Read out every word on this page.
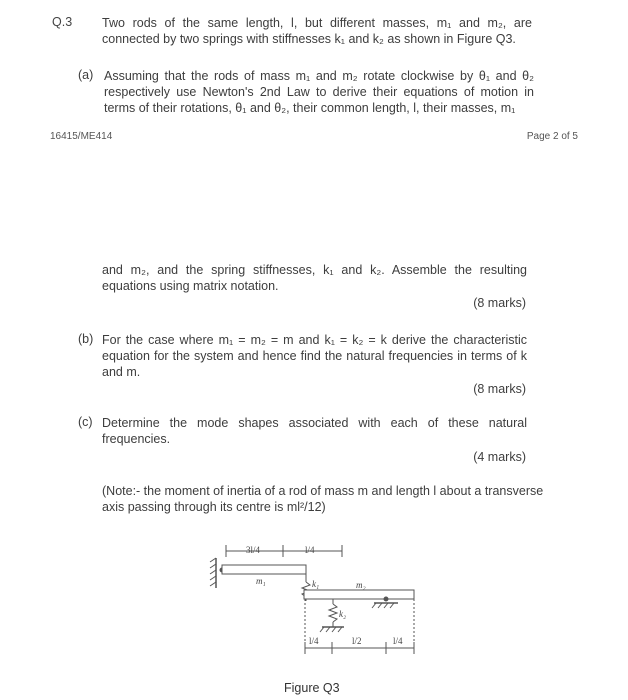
Q.3 Two rods of the same length, l, but different masses, m₁ and m₂, are connected by two springs with stiffnesses k₁ and k₂ as shown in Figure Q3.
(a) Assuming that the rods of mass m₁ and m₂ rotate clockwise by θ₁ and θ₂ respectively use Newton's 2nd Law to derive their equations of motion in terms of their rotations, θ₁ and θ₂, their common length, l, their masses, m₁
16415/ME414	Page 2 of 5
and m₂, and the spring stiffnesses, k₁ and k₂. Assemble the resulting equations using matrix notation.
(8 marks)
(b) For the case where m₁ = m₂ = m and k₁ = k₂ = k derive the characteristic equation for the system and hence find the natural frequencies in terms of k and m.
(8 marks)
(c) Determine the mode shapes associated with each of these natural frequencies.
(4 marks)
(Note:- the moment of inertia of a rod of mass m and length l about a transverse axis passing through its centre is ml²/12)
3l/4	l/4
m₁	k₁	m₂
k₂
l/4	l/2	l/4
Figure Q3
